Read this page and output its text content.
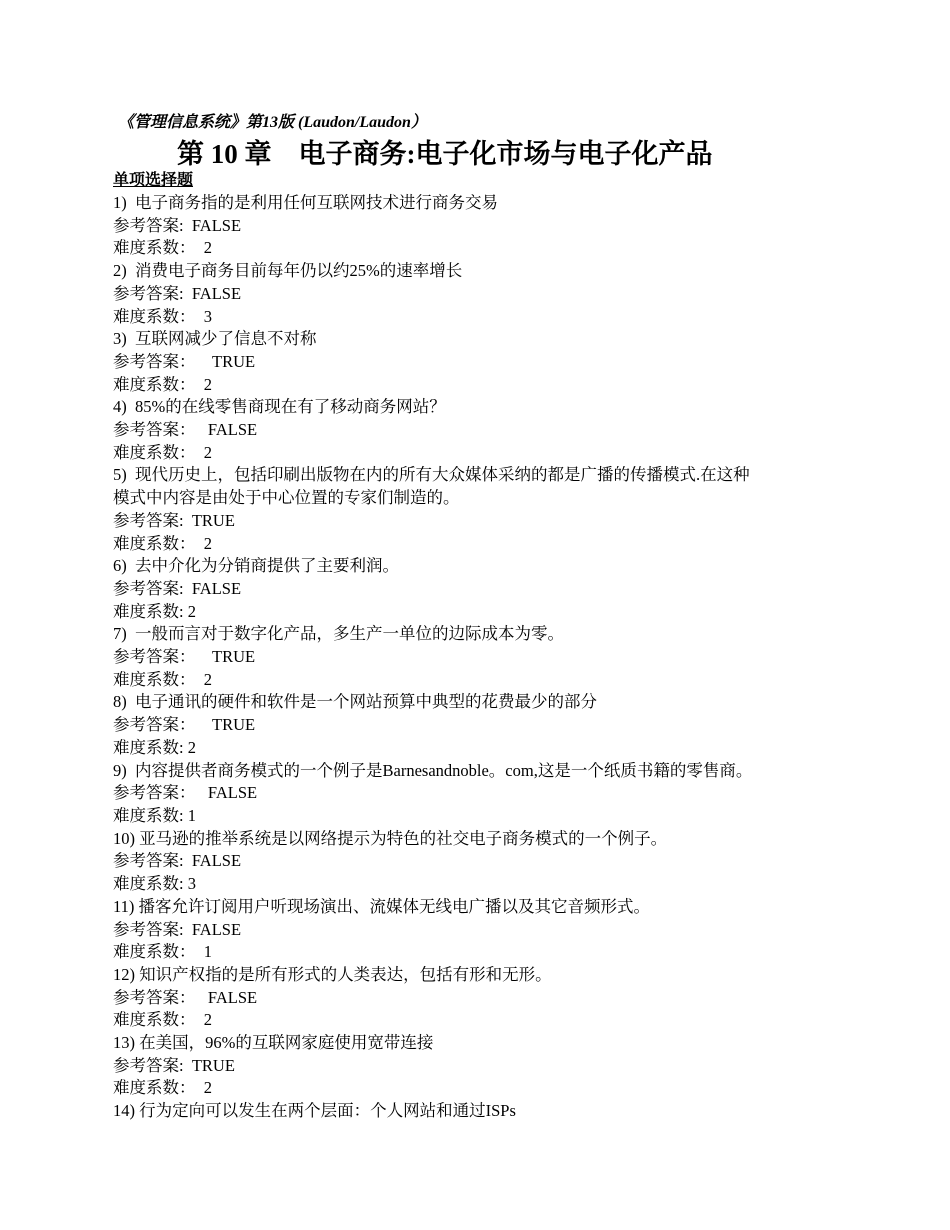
《管理信息系统》第13版 (Laudon/Laudon）
第 10 章    电子商务:电子化市场与电子化产品
单项选择题
1)  电子商务指的是利用任何互联网技术进行商务交易
参考答案:  FALSE
难度系数：  2
2)  消费电子商务目前每年仍以约25%的速率增长
参考答案:  FALSE
难度系数：  3
3)  互联网减少了信息不对称
参考答案：    TRUE
难度系数：  2
4)  85%的在线零售商现在有了移动商务网站？
参考答案：   FALSE
难度系数：  2
5)  现代历史上，包括印刷出版物在内的所有大众媒体采纳的都是广播的传播模式.在这种模式中内容是由处于中心位置的专家们制造的。
参考答案:  TRUE
难度系数：  2
6)  去中介化为分销商提供了主要利润。
参考答案:  FALSE
难度系数: 2
7)  一般而言对于数字化产品，多生产一单位的边际成本为零。
参考答案：    TRUE
难度系数：  2
8)  电子通讯的硬件和软件是一个网站预算中典型的花费最少的部分
参考答案：    TRUE
难度系数: 2
9)  内容提供者商务模式的一个例子是Barnesandnoble。com,这是一个纸质书籍的零售商。
参考答案：   FALSE
难度系数: 1
10) 亚马逊的推举系统是以网络提示为特色的社交电子商务模式的一个例子。
参考答案:  FALSE
难度系数: 3
11) 播客允许订阅用户听现场演出、流媒体无线电广播以及其它音频形式。
参考答案:  FALSE
难度系数：  1
12) 知识产权指的是所有形式的人类表达，包括有形和无形。
参考答案：   FALSE
难度系数：  2
13) 在美国，96%的互联网家庭使用宽带连接
参考答案:  TRUE
难度系数：  2
14) 行为定向可以发生在两个层面：个人网站和通过ISPs
